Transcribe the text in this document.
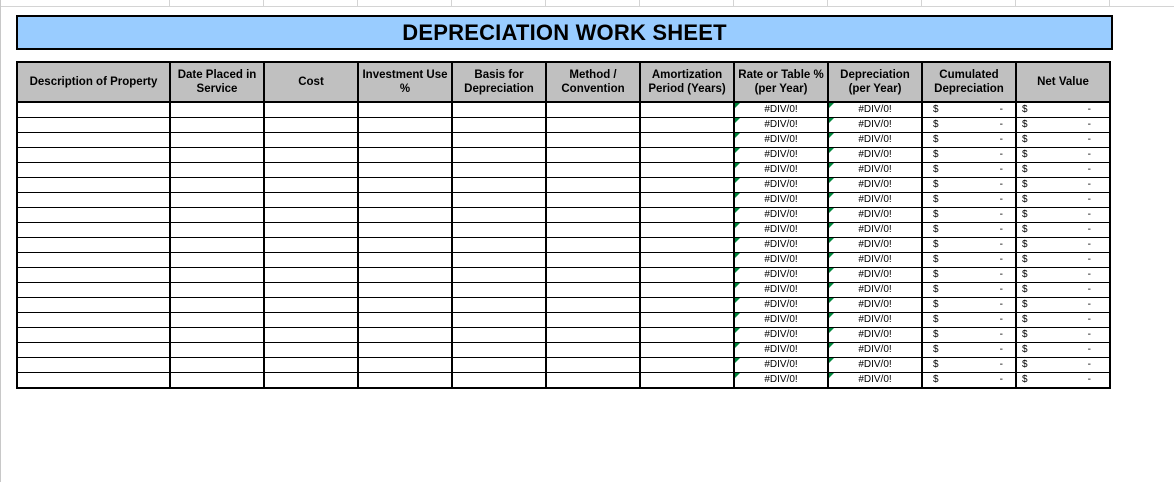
DEPRECIATION WORK SHEET
Description of Property	Date Placed in Service	Cost	Investment Use %	Basis for Depreciation	Method / Convention	Amortization Period (Years)	Rate or Table % (per Year)	Depreciation (per Year)	Cumulated Depreciation	Net Value
							#DIV/0!	#DIV/0!	$ -	$ -

							#DIV/0!	#DIV/0!	$ -	$ -

							#DIV/0!	#DIV/0!	$ -	$ -

							#DIV/0!	#DIV/0!	$ -	$ -

							#DIV/0!	#DIV/0!	$ -	$ -

							#DIV/0!	#DIV/0!	$ -	$ -

							#DIV/0!	#DIV/0!	$ -	$ -

							#DIV/0!	#DIV/0!	$ -	$ -

							#DIV/0!	#DIV/0!	$ -	$ -

							#DIV/0!	#DIV/0!	$ -	$ -

							#DIV/0!	#DIV/0!	$ -	$ -

							#DIV/0!	#DIV/0!	$ -	$ -

							#DIV/0!	#DIV/0!	$ -	$ -

							#DIV/0!	#DIV/0!	$ -	$ -

							#DIV/0!	#DIV/0!	$ -	$ -

							#DIV/0!	#DIV/0!	$ -	$ -

							#DIV/0!	#DIV/0!	$ -	$ -

							#DIV/0!	#DIV/0!	$ -	$ -

							#DIV/0!	#DIV/0!	$ -	$ -
